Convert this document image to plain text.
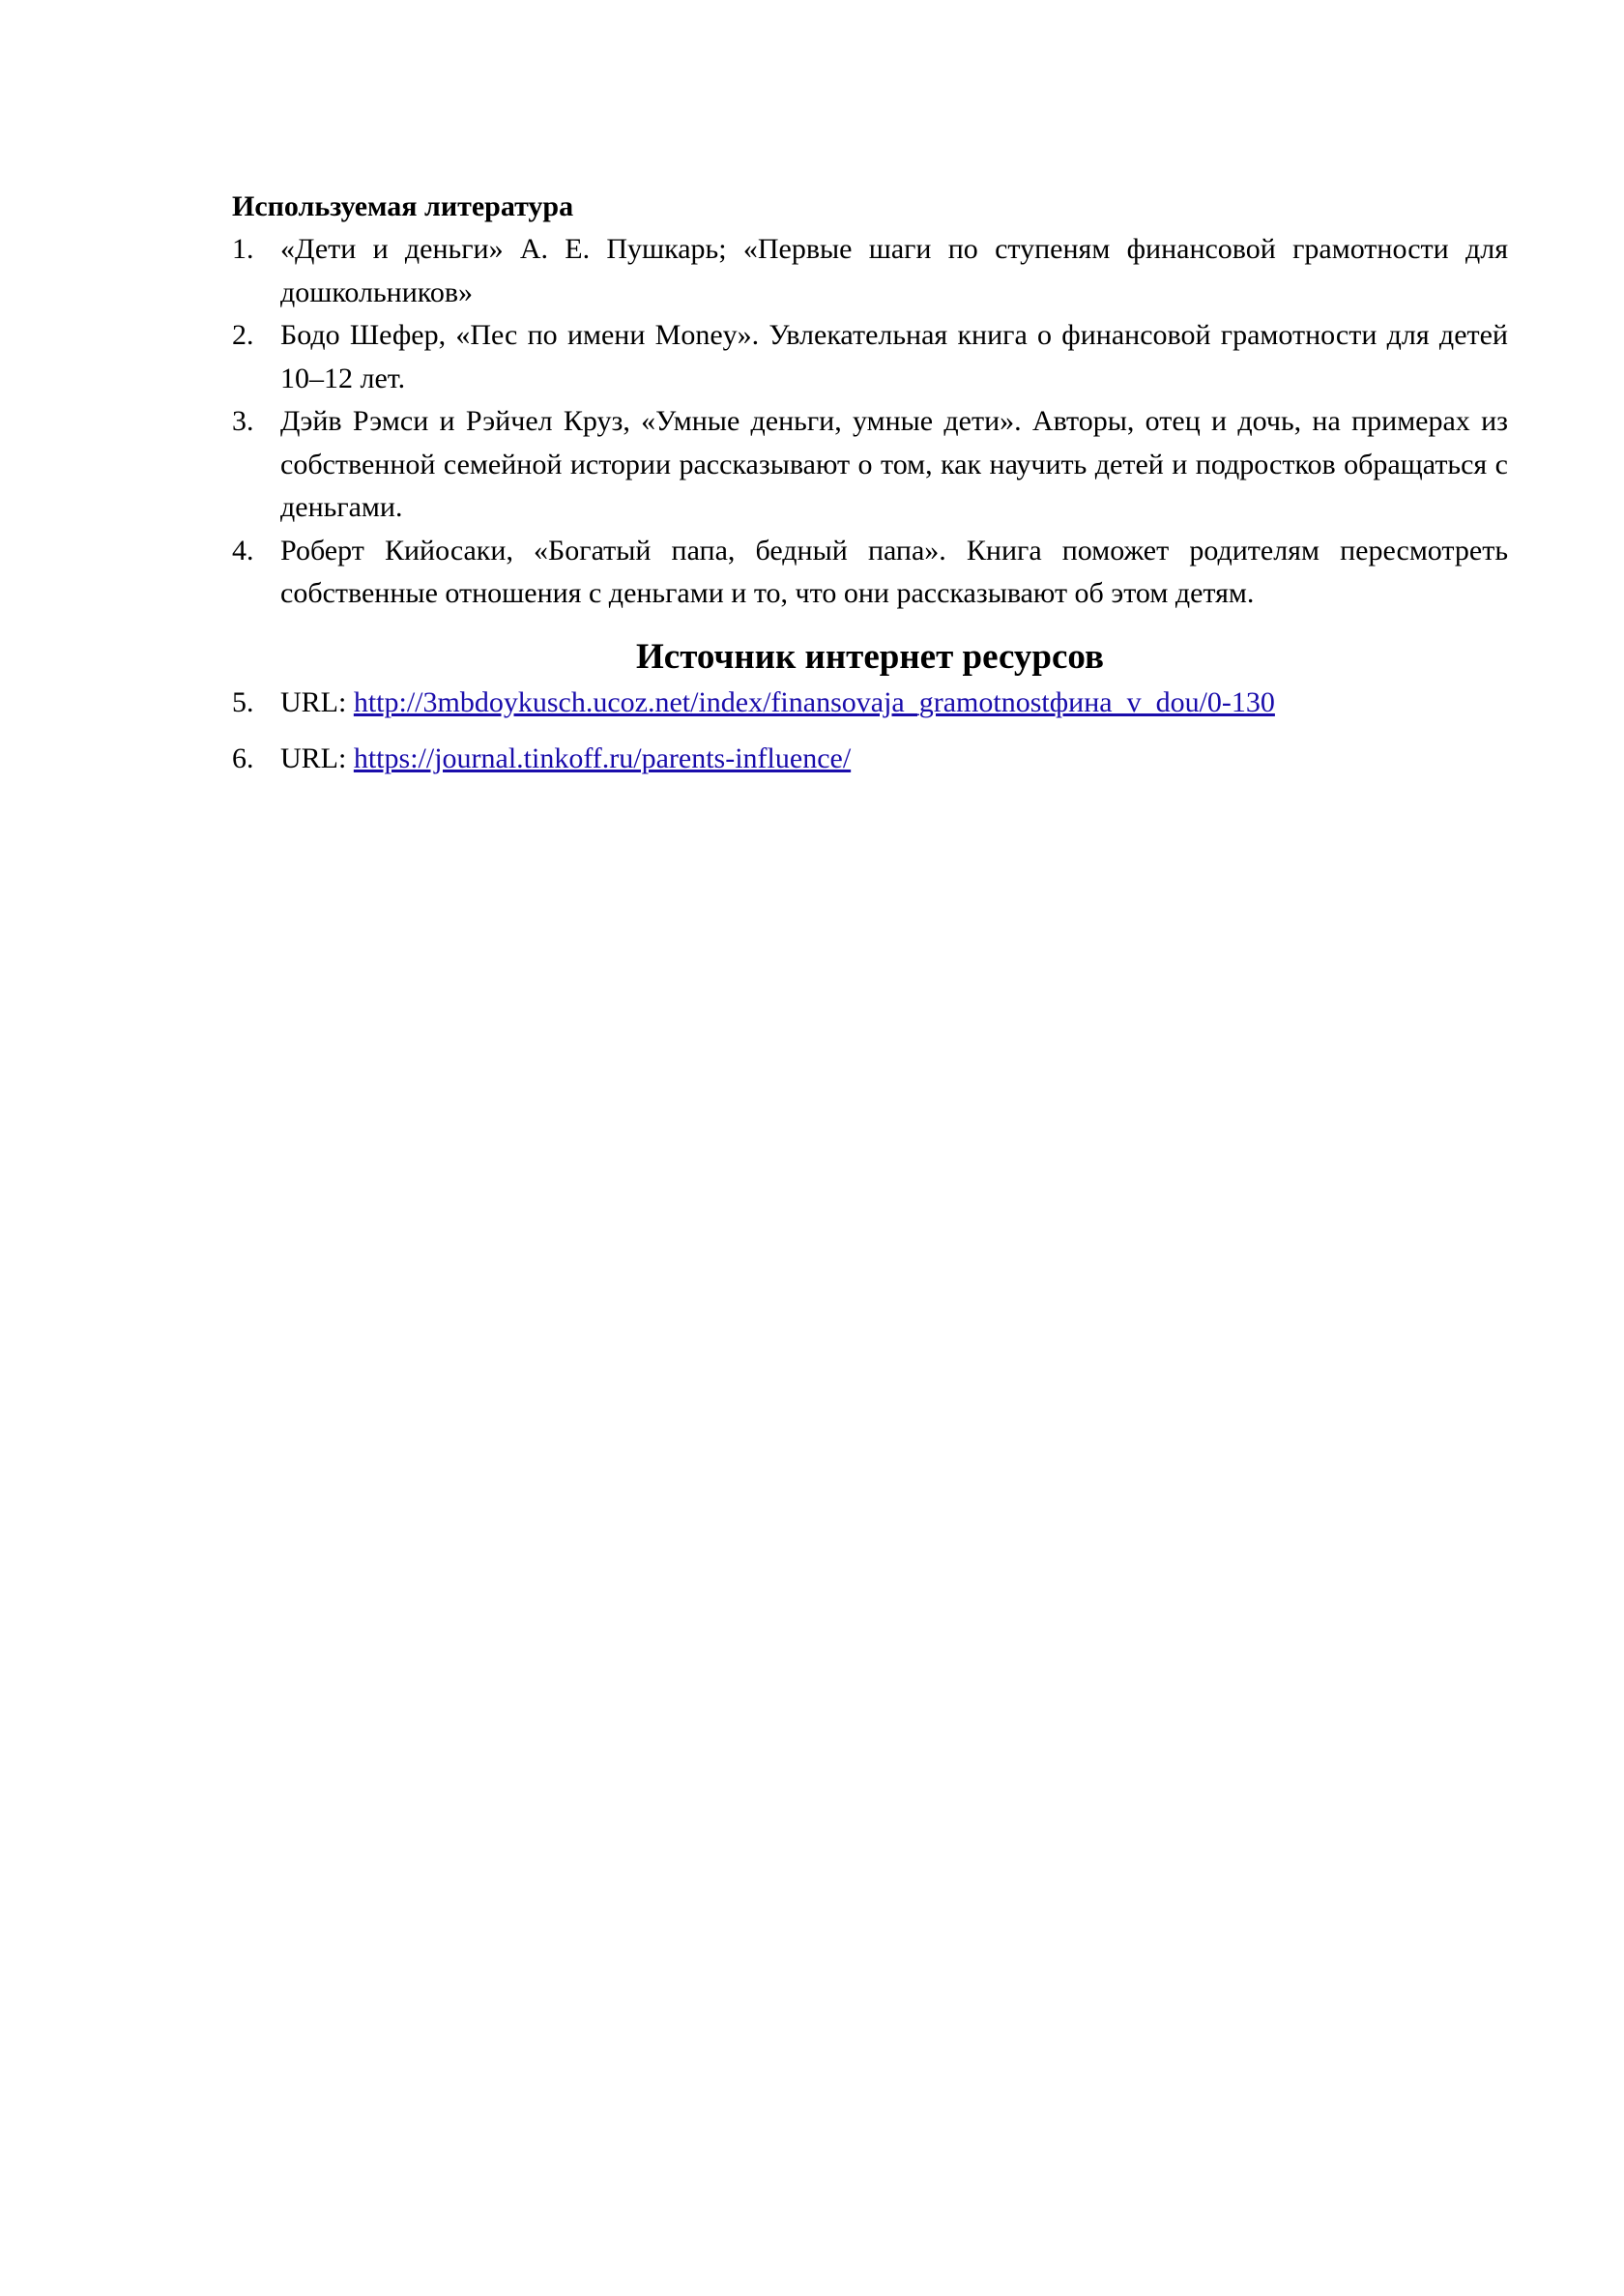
Используемая литература

1. «Дети и деньги» А. Е. Пушкарь; «Первые шаги по ступеням финансовой грамотности для дошкольников»
2. Бодо Шефер, «Пес по имени Money». Увлекательная книга о финансовой грамотности для детей 10–12 лет.
3. Дэйв Рэмси и Рэйчел Круз, «Умные деньги, умные дети». Авторы, отец и дочь, на примерах из собственной семейной истории рассказывают о том, как научить детей и подростков обращаться с деньгами.
4. Роберт Кийосаки, «Богатый папа, бедный папа». Книга поможет родителям пересмотреть собственные отношения с деньгами и то, что они рассказывают об этом детям.
Источник интернет ресурсов
5. URL: http://3mbdoykusch.ucoz.net/index/finansovaja_gramotnostфина_v_dou/0-130
6. URL: https://journal.tinkoff.ru/parents-influence/
